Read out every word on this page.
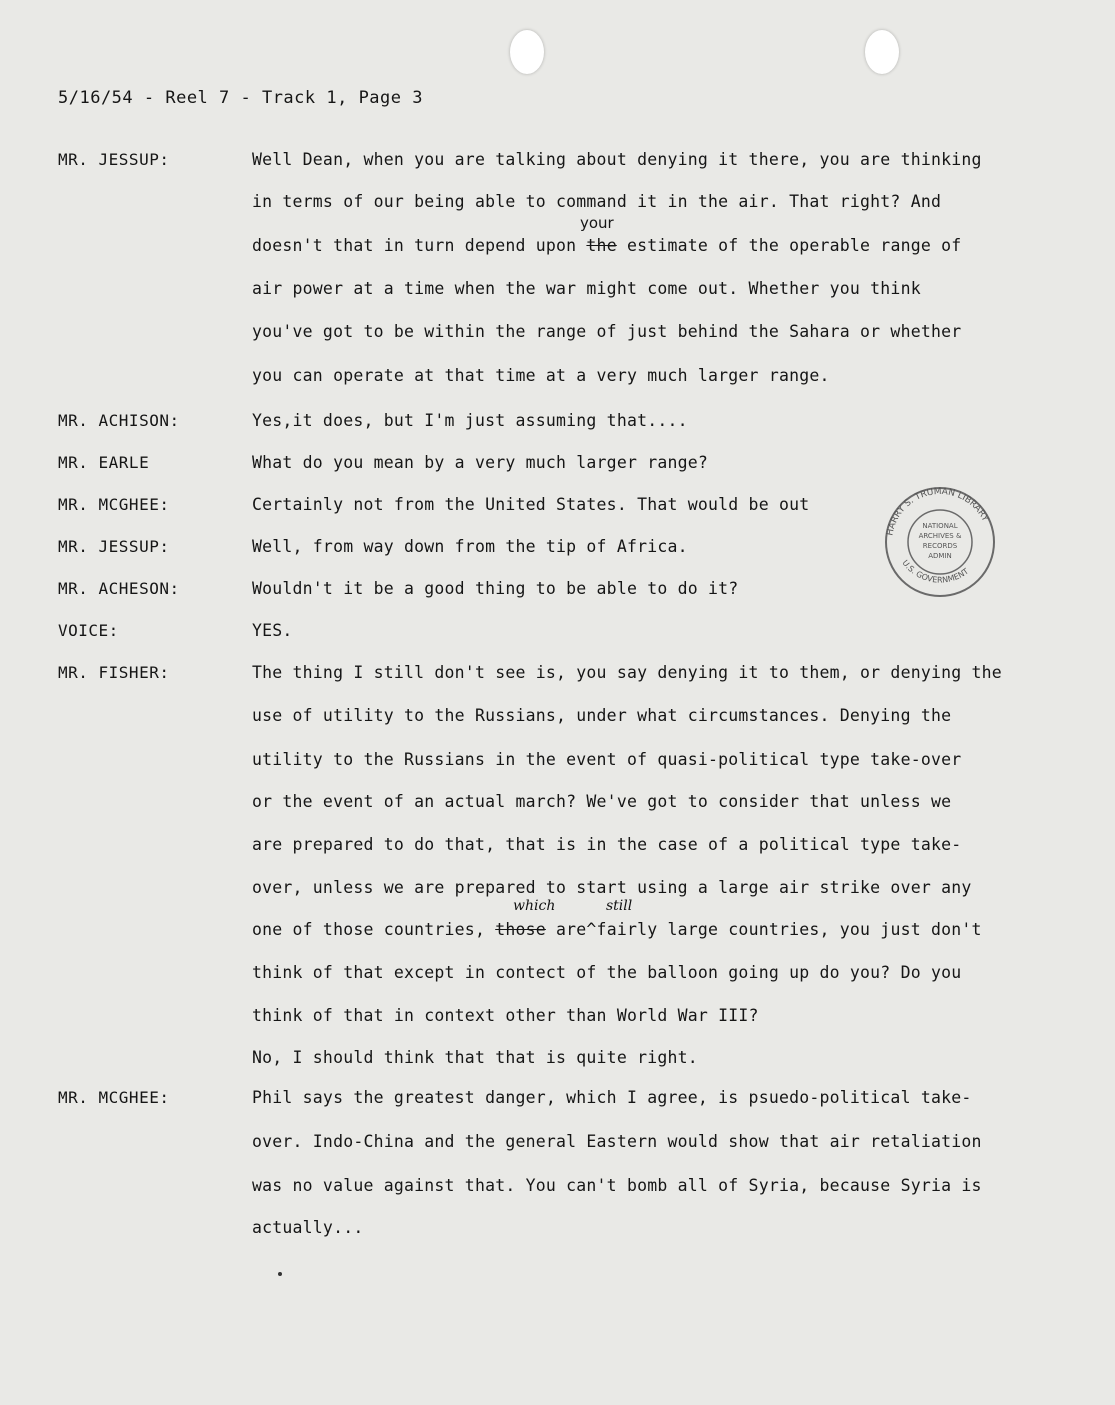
5/16/54 - Reel 7 - Track 1, Page 3
MR. JESSUP:
MR. ACHISON:
MR. EARLE
MR. MCGHEE:
MR. JESSUP:
MR. ACHESON:
VOICE:
MR. FISHER:
MR. MCGHEE:
Well Dean, when you are talking about denying it there, you are thinking
in terms of our being able to command it in the air. That right? And
your
doesn't that in turn depend upon the estimate of the operable range of
air power at a time when the war might come out. Whether you think
you've got to be within the range of just behind the Sahara or whether
you can operate at that time at a very much larger range.
Yes,it does, but I'm just assuming that....
What do you mean by a very much larger range?
Certainly not from the United States. That would be out
Well, from way down from the tip of Africa.
Wouldn't it be a good thing to be able to do it?
YES.
The thing I still don't see is, you say denying it to them, or denying the
use of utility to the Russians, under what circumstances. Denying the
utility to the Russians in the event of quasi-political type take-over
or the event of an actual march? We've got to consider that unless we
are prepared to do that, that is in the case of a political type take-
over, unless we are prepared to start using a large air strike over any
which	still
one of those countries, those are^fairly large countries, you just don't
think of that except in contect of the balloon going up do you? Do you
think of that in context other than World War III?
No, I should think that that is quite right.
Phil says the greatest danger, which I agree, is psuedo-political take-
over. Indo-China and the general Eastern would show that air retaliation
was no value against that. You can't bomb all of Syria, because Syria is
actually...
HARRY S. TRUMAN LIBRARY
U.S. GOVERNMENT
NATIONAL
ARCHIVES &
RECORDS
ADMIN
